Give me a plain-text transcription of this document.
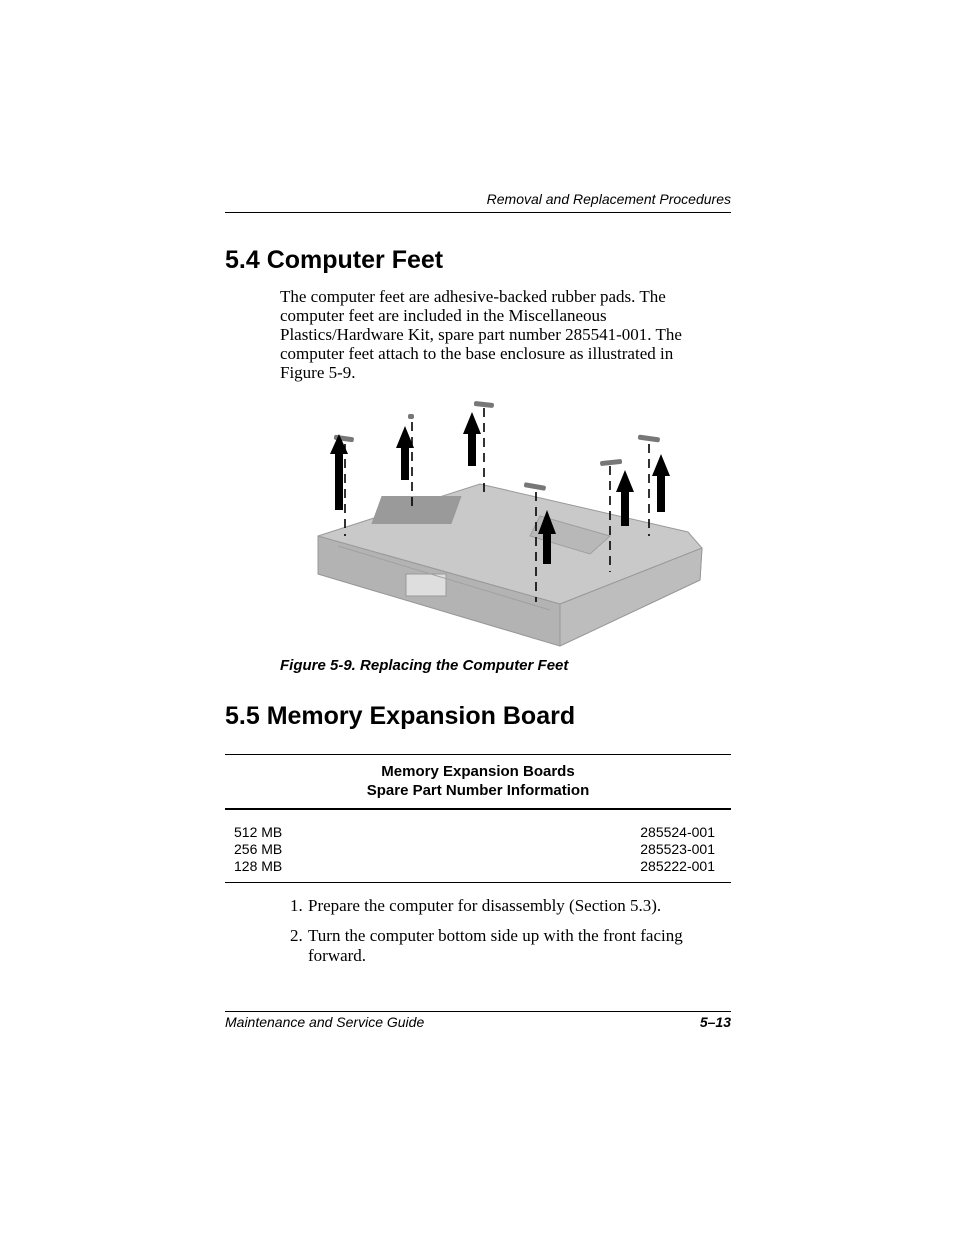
Removal and Replacement Procedures
5.4 Computer Feet

The computer feet are adhesive-backed rubber pads. The computer feet are included in the Miscellaneous Plastics/Hardware Kit, spare part number 285541-001. The computer feet attach to the base enclosure as illustrated in Figure 5-9.

Figure 5-9. Replacing the Computer Feet
5.5 Memory Expansion Board
Memory Expansion Boards
Spare Part Number Information
512 MB	285524-001
256 MB	285523-001
128 MB	285222-001
1. Prepare the computer for disassembly (Section 5.3).
2. Turn the computer bottom side up with the front facing forward.
Maintenance and Service Guide	5–13
